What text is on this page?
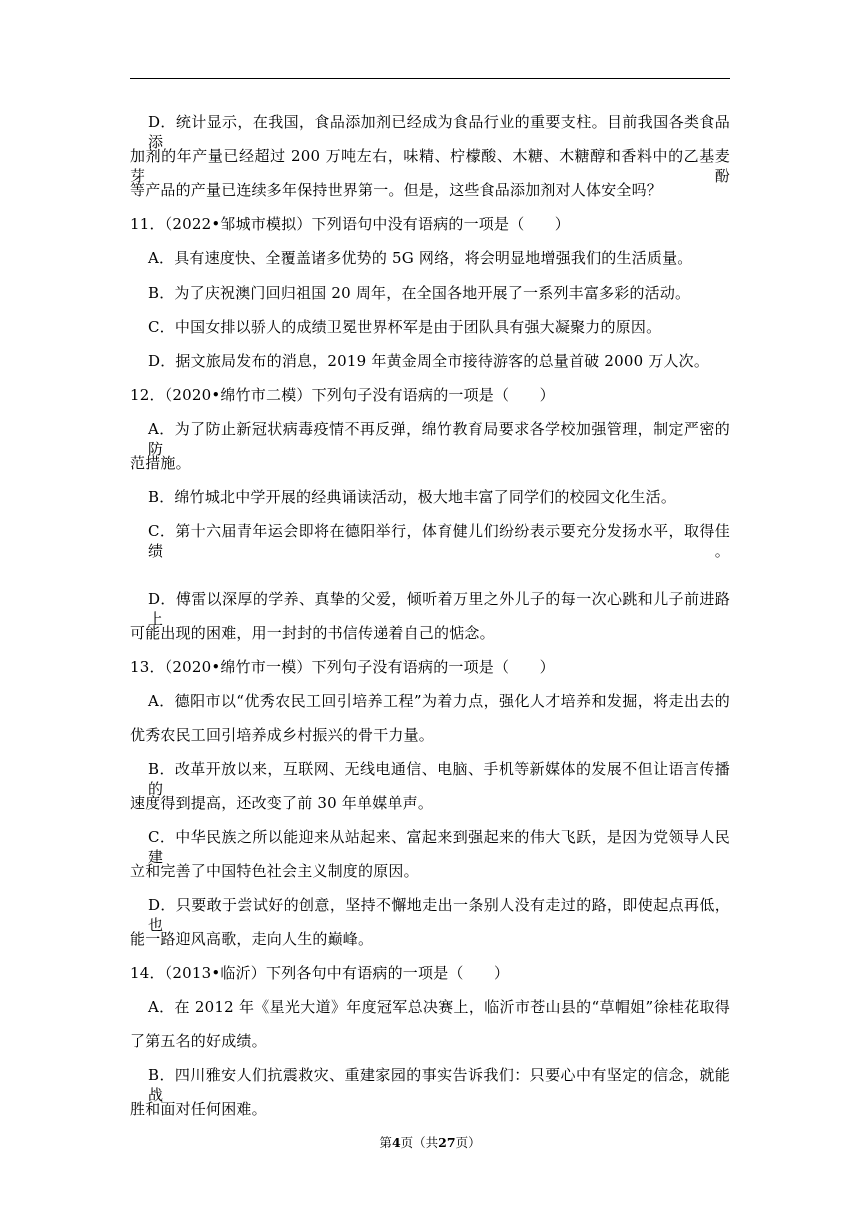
D．统计显示，在我国，食品添加剂已经成为食品行业的重要支柱。目前我国各类食品添
加剂的年产量已经超过 200 万吨左右，味精、柠檬酸、木糖、木糖醇和香料中的乙基麦芽酚
等产品的产量已连续多年保持世界第一。但是，这些食品添加剂对人体安全吗？
11．（2022•邹城市模拟）下列语句中没有语病的一项是（　　）
A．具有速度快、全覆盖诸多优势的 5G 网络，将会明显地增强我们的生活质量。
B．为了庆祝澳门回归祖国 20 周年，在全国各地开展了一系列丰富多彩的活动。
C．中国女排以骄人的成绩卫冕世界杯军是由于团队具有强大凝聚力的原因。
D．据文旅局发布的消息，2019 年黄金周全市接待游客的总量首破 2000 万人次。
12．（2020•绵竹市二模）下列句子没有语病的一项是（　　）
A．为了防止新冠状病毒疫情不再反弹，绵竹教育局要求各学校加强管理，制定严密的防
范措施。
B．绵竹城北中学开展的经典诵读活动，极大地丰富了同学们的校园文化生活。
C．第十六届青年运会即将在德阳举行，体育健儿们纷纷表示要充分发扬水平，取得佳绩。
D．傅雷以深厚的学养、真挚的父爱，倾听着万里之外儿子的每一次心跳和儿子前进路上
可能出现的困难，用一封封的书信传递着自己的惦念。
13．（2020•绵竹市一模）下列句子没有语病的一项是（　　）
A．德阳市以“优秀农民工回引培养工程”为着力点，强化人才培养和发掘，将走出去的
优秀农民工回引培养成乡村振兴的骨干力量。
B．改革开放以来，互联网、无线电通信、电脑、手机等新媒体的发展不但让语言传播的
速度得到提高，还改变了前 30 年单媒单声。
C．中华民族之所以能迎来从站起来、富起来到强起来的伟大飞跃，是因为党领导人民建
立和完善了中国特色社会主义制度的原因。
D．只要敢于尝试好的创意，坚持不懈地走出一条别人没有走过的路，即使起点再低，也
能一路迎风高歌，走向人生的巅峰。
14．（2013•临沂）下列各句中有语病的一项是（　　）
A．在 2012 年《星光大道》年度冠军总决赛上，临沂市苍山县的“草帽姐”徐桂花取得
了第五名的好成绩。
B．四川雅安人们抗震救灾、重建家园的事实告诉我们：只要心中有坚定的信念，就能战
胜和面对任何困难。
第4页（共27页）
